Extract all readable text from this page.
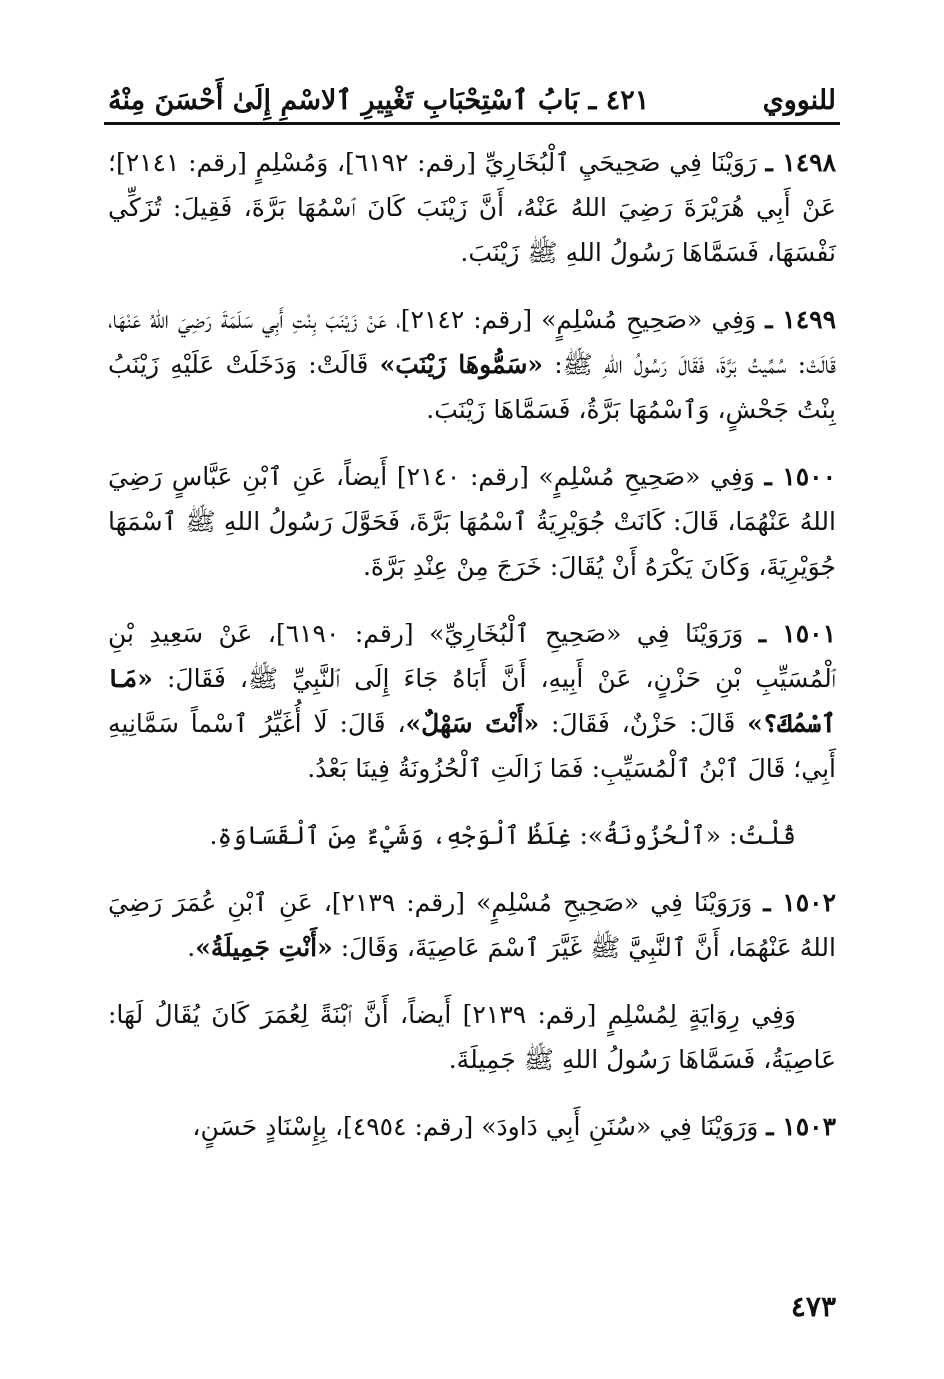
للنووي
٤٢١ ـ بَابُ ٱسْتِحْبَابِ تَغْيِيرِ ٱلاسْمِ إِلَىٰ أَحْسَنَ مِنْهُ

١٤٩٨ ـ رَوَيْنَا فِي صَحِيحَيِ ٱلْبُخَارِيِّ [رقم: ٦١٩٢]، وَمُسْلِمٍ [رقم: ٢١٤١]؛ عَنْ أَبِي هُرَيْرَةَ رَضِيَ اللهُ عَنْهُ، أَنَّ زَيْنَبَ كَانَ ٱسْمُهَا بَرَّةَ، فَقِيلَ: تُزَكِّي نَفْسَهَا، فَسَمَّاهَا رَسُولُ اللهِ ﷺ زَيْنَبَ.

١٤٩٩ ـ وَفِي «صَحِيحِ مُسْلِمٍ» [رقم: ٢١٤٢]، عَنْ زَيْنَبَ بِنْتِ أَبِي سَلَمَةَ رَضِيَ اللهُ عَنْهَا، قَالَتْ: سُمِّيتُ بَرَّةَ، فَقَالَ رَسُولُ اللهِ ﷺ: «سَمُّوهَا زَيْنَبَ» قَالَتْ: وَدَخَلَتْ عَلَيْهِ زَيْنَبُ بِنْتُ جَحْشٍ، وَٱسْمُهَا بَرَّةُ، فَسَمَّاهَا زَيْنَبَ.

١٥٠٠ ـ وَفِي «صَحِيحِ مُسْلِمٍ» [رقم: ٢١٤٠] أَيضاً، عَنِ ٱبْنِ عَبَّاسٍ رَضِيَ اللهُ عَنْهُمَا، قَالَ: كَانَتْ جُوَيْرِيَةُ ٱسْمُهَا بَرَّةَ، فَحَوَّلَ رَسُولُ اللهِ ﷺ ٱسْمَهَا جُوَيْرِيَةَ، وَكَانَ يَكْرَهُ أَنْ يُقَالَ: خَرَجَ مِنْ عِنْدِ بَرَّةَ.

١٥٠١ ـ وَرَوَيْنَا فِي «صَحِيحِ ٱلْبُخَارِيِّ» [رقم: ٦١٩٠]، عَنْ سَعِيدِ بْنِ ٱلْمُسَيِّبِ بْنِ حَزْنٍ، عَنْ أَبِيهِ، أَنَّ أَبَاهُ جَاءَ إِلَى ٱلنَّبِيِّ ﷺ، فَقَالَ: «مَا ٱسْمُكَ؟» قَالَ: حَزْنٌ، فَقَالَ: «أَنْتَ سَهْلٌ»، قَالَ: لَا أُغَيِّرُ ٱسْماً سَمَّانِيهِ أَبِي؛ قَالَ ٱبْنُ ٱلْمُسَيِّبِ: فَمَا زَالَتِ ٱلْحُزُونَةُ فِينَا بَعْدُ.

قُلْتُ: «ٱلْحُزُونَةُ»: غِلَظُ ٱلْوَجْهِ، وَشَيْءٌ مِنَ ٱلْقَسَاوَةِ.

١٥٠٢ ـ وَرَوَيْنَا فِي «صَحِيحِ مُسْلِمٍ» [رقم: ٢١٣٩]، عَنِ ٱبْنِ عُمَرَ رَضِيَ اللهُ عَنْهُمَا، أَنَّ ٱلنَّبِيَّ ﷺ غَيَّرَ ٱسْمَ عَاصِيَةَ، وَقَالَ: «أَنْتِ جَمِيلَةُ».

وَفِي رِوَايَةٍ لِمُسْلِمٍ [رقم: ٢١٣٩] أَيضاً، أَنَّ ٱبْنَةً لِعُمَرَ كَانَ يُقَالُ لَهَا: عَاصِيَةُ، فَسَمَّاهَا رَسُولُ اللهِ ﷺ جَمِيلَةَ.

١٥٠٣ ـ وَرَوَيْنَا فِي «سُنَنِ أَبِي دَاودَ» [رقم: ٤٩٥٤]، بِإِسْنَادٍ حَسَنٍ،

٤٧٣
